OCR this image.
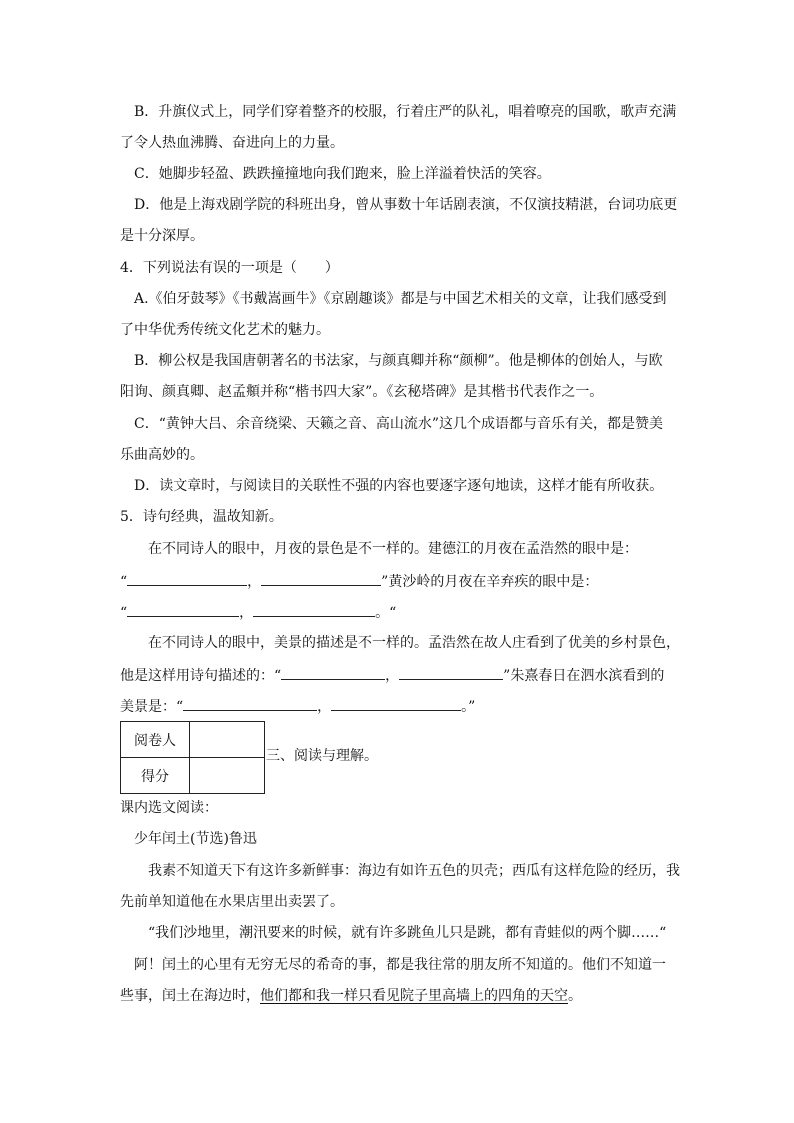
B．升旗仪式上，同学们穿着整齐的校服，行着庄严的队礼，唱着嘹亮的国歌，歌声充满
了令人热血沸腾、奋进向上的力量。
C．她脚步轻盈、跌跌撞撞地向我们跑来，脸上洋溢着快活的笑容。
D．他是上海戏剧学院的科班出身，曾从事数十年话剧表演，不仅演技精湛，台词功底更
是十分深厚。
4．下列说法有误的一项是（　　）
A.《伯牙鼓琴》《书戴嵩画牛》《京剧趣谈》都是与中国艺术相关的文章，让我们感受到
了中华优秀传统文化艺术的魅力。
B．柳公权是我国唐朝著名的书法家，与颜真卿并称“颜柳”。他是柳体的创始人，与欧
阳询、颜真卿、赵孟頫并称“楷书四大家”。《玄秘塔碑》是其楷书代表作之一。
C．“黄钟大吕、余音绕梁、天籁之音、高山流水”这几个成语都与音乐有关，都是赞美
乐曲高妙的。
D．读文章时，与阅读目的关联性不强的内容也要逐字逐句地读，这样才能有所收获。
5．诗句经典，温故知新。
在不同诗人的眼中，月夜的景色是不一样的。建德江的月夜在孟浩然的眼中是：
“	，	”黄沙岭的月夜在辛弃疾的眼中是：
“	，	。“
在不同诗人的眼中，美景的描述是不一样的。孟浩然在故人庄看到了优美的乡村景色，
他是这样用诗句描述的：“	，	”朱熹春日在泗水滨看到的
美景是：“	，	。”
阅卷人	
得分	
三、阅读与理解。
课内选文阅读：
少年闰土(节选)鲁迅
我素不知道天下有这许多新鲜事：海边有如许五色的贝壳；西瓜有这样危险的经历，我
先前单知道他在水果店里出卖罢了。
“我们沙地里，潮汛要来的时候，就有许多跳鱼儿只是跳，都有青蛙似的两个脚……“
阿！闰土的心里有无穷无尽的希奇的事，都是我往常的朋友所不知道的。他们不知道一
些事，闰土在海边时，他们都和我一样只看见院子里高墙上的四角的天空。
